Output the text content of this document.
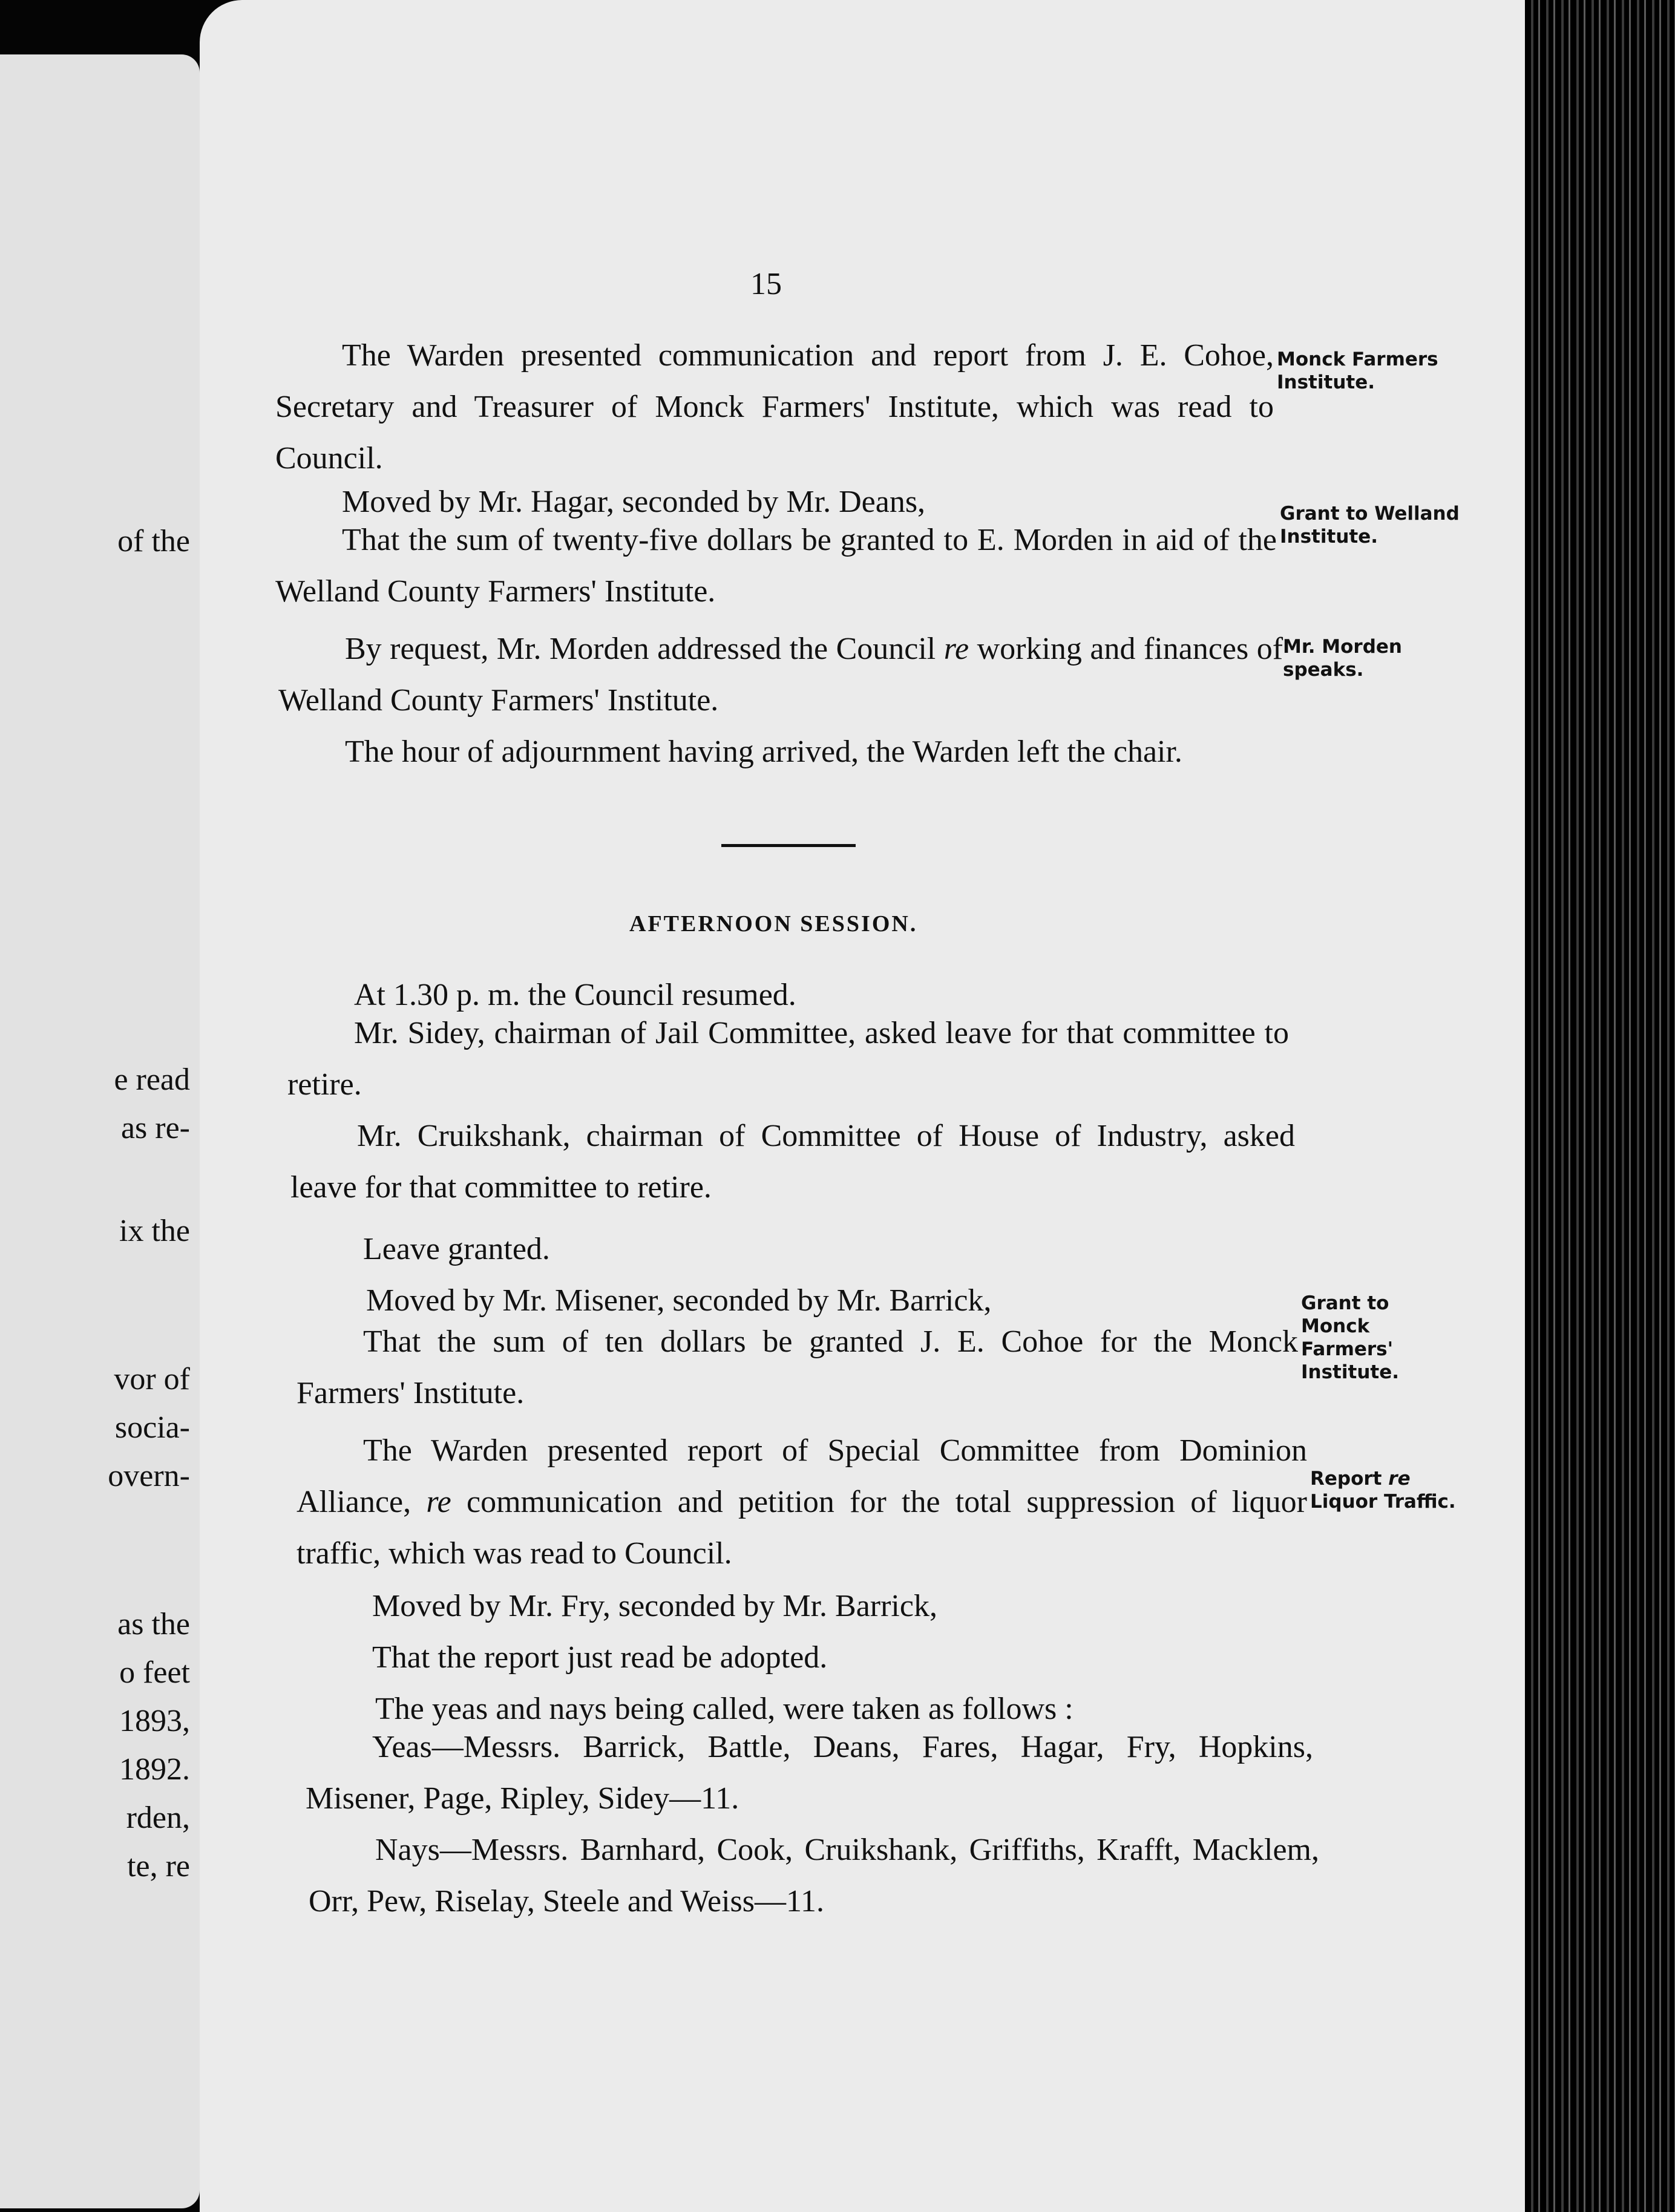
of the
e read
as re-
ix the
vor of
socia-
overn-
as the
o feet
1893,
1892.
rden,
te, re
15
The Warden presented communication and report from J. E. Cohoe, Secretary and Treasurer of Monck Farmers' Institute, which was read to Council.
Moved by Mr. Hagar, seconded by Mr. Deans,
That the sum of twenty-five dollars be granted to E. Morden in aid of the Welland County Farmers' Institute.
By request, Mr. Morden addressed the Council re working and finances of Welland County Farmers' Institute.
The hour of adjournment having arrived, the Warden left the chair.
AFTERNOON SESSION.
At 1.30 p. m. the Council resumed.
Mr. Sidey, chairman of Jail Committee, asked leave for that committee to retire.
Mr. Cruikshank, chairman of Committee of House of Industry, asked leave for that committee to retire.
Leave granted.
Moved by Mr. Misener, seconded by Mr. Barrick,
That the sum of ten dollars be granted J. E. Cohoe for the Monck Farmers' Institute.
The Warden presented report of Special Committee from Dominion Alliance, re communication and petition for the total suppression of liquor traffic, which was read to Council.
Moved by Mr. Fry, seconded by Mr. Barrick,
That the report just read be adopted.
The yeas and nays being called, were taken as follows :
Yeas—Messrs. Barrick, Battle, Deans, Fares, Hagar, Fry, Hopkins, Misener, Page, Ripley, Sidey—11.
Nays—Messrs. Barnhard, Cook, Cruikshank, Griffiths, Krafft, Macklem, Orr, Pew, Riselay, Steele and Weiss—11.
Monck Farmers Institute.
Grant to Welland Institute.
Mr. Morden speaks.
Grant to Monck Farmers' Institute.
Report re Liquor Traffic.
